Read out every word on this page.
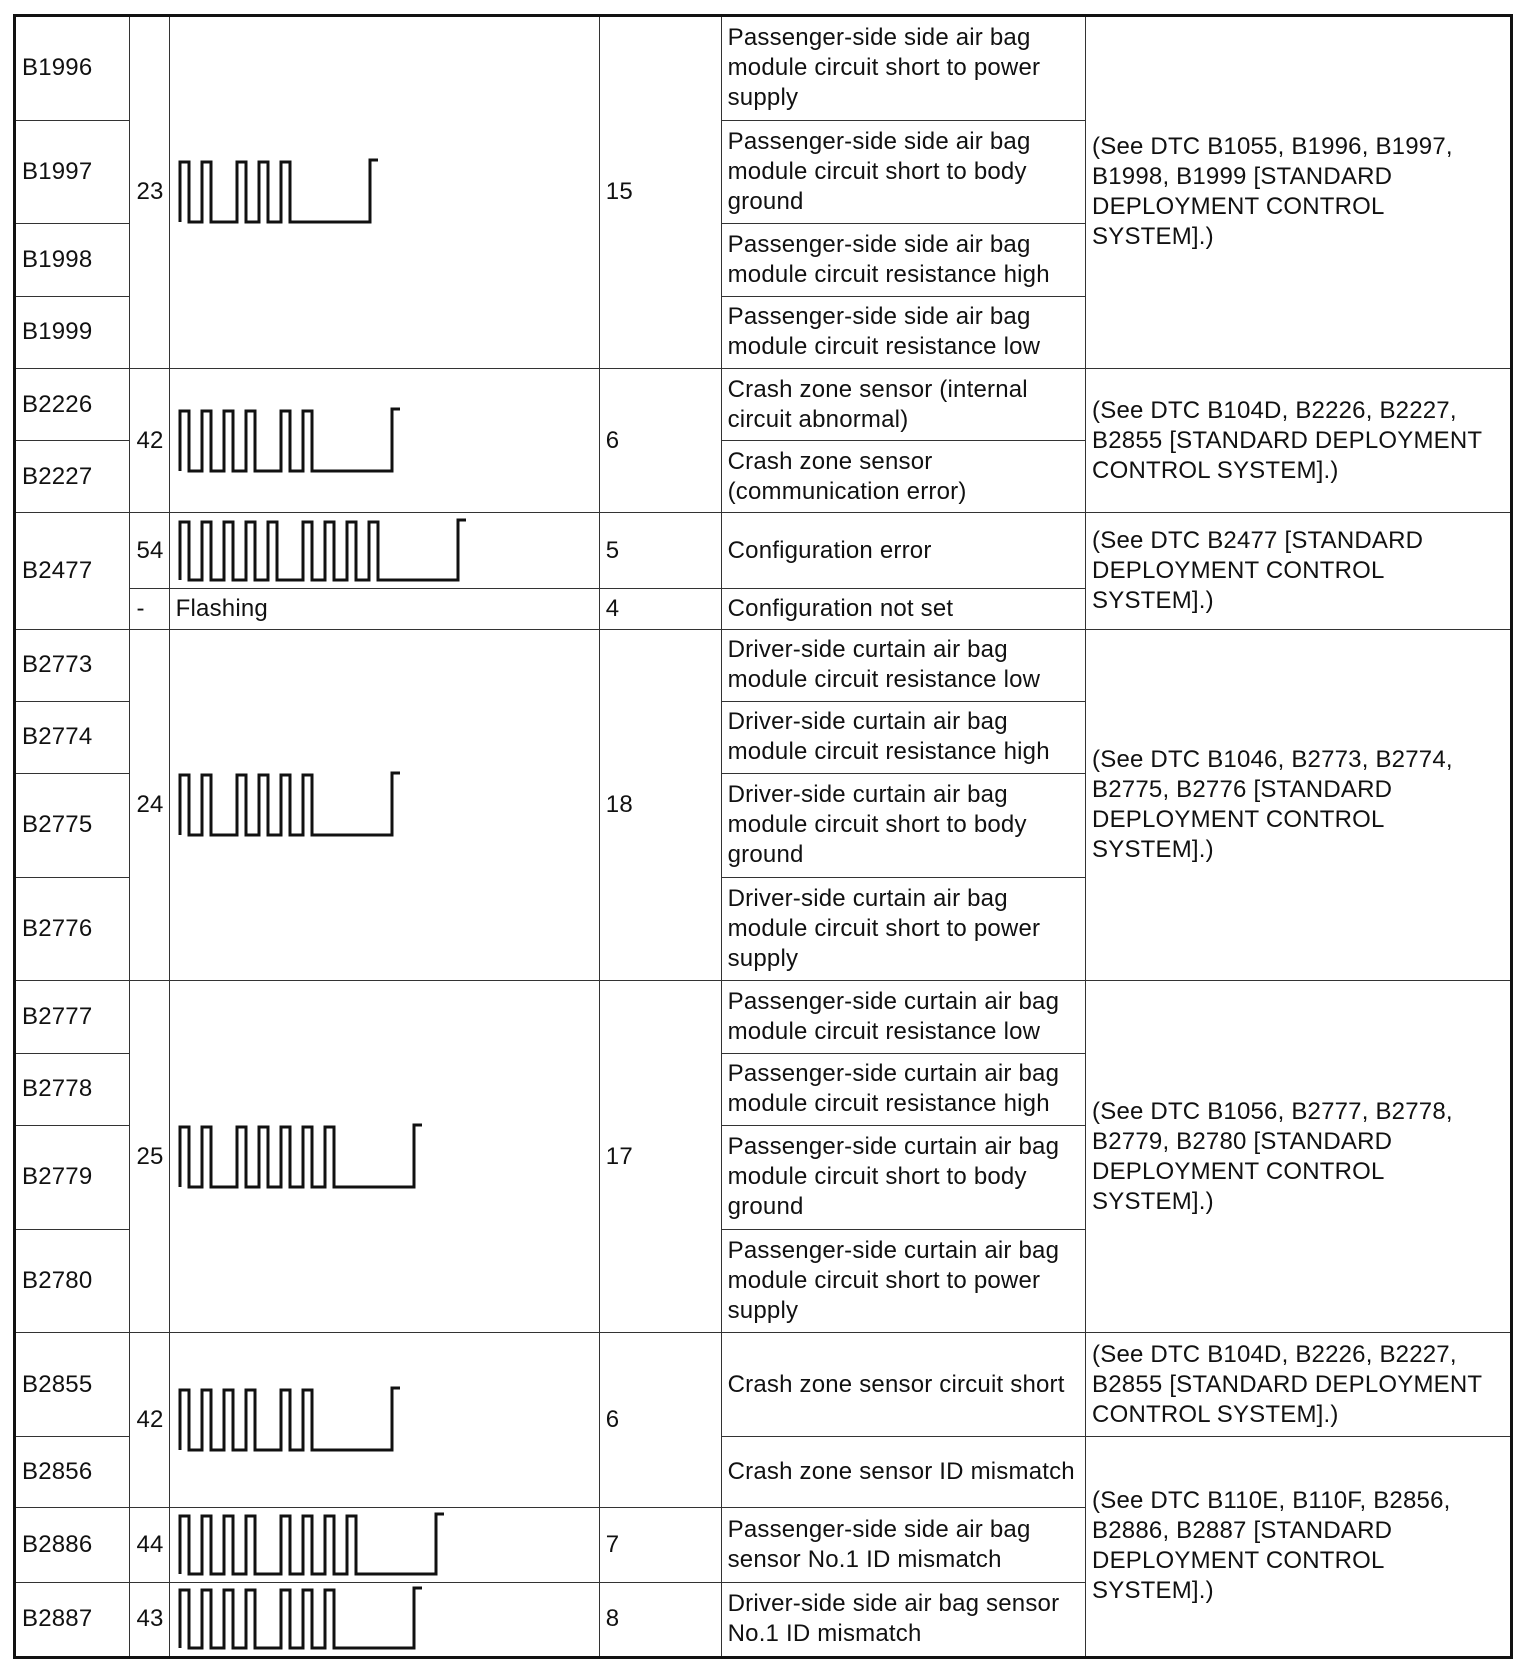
B1996	23		15	Passenger-side side air bag module circuit short to power supply	(See DTC B1055, B1996, B1997, B1998, B1999 [STANDARD DEPLOYMENT CONTROL SYSTEM].)
B1997				Passenger-side side air bag module circuit short to body ground	
B1998				Passenger-side side air bag module circuit resistance high	
B1999				Passenger-side side air bag module circuit resistance low	
B2226	42		6	Crash zone sensor (internal circuit abnormal)	(See DTC B104D, B2226, B2227, B2855 [STANDARD DEPLOYMENT CONTROL SYSTEM].)
B2227				Crash zone sensor (communication error)	
B2477	54		5	Configuration error	(See DTC B2477 [STANDARD DEPLOYMENT CONTROL SYSTEM].)
	-	Flashing	4	Configuration not set	
B2773	24		18	Driver-side curtain air bag module circuit resistance low	(See DTC B1046, B2773, B2774, B2775, B2776 [STANDARD DEPLOYMENT CONTROL SYSTEM].)
B2774				Driver-side curtain air bag module circuit resistance high	
B2775				Driver-side curtain air bag module circuit short to body ground	
B2776				Driver-side curtain air bag module circuit short to power supply	
B2777	25		17	Passenger-side curtain air bag module circuit resistance low	(See DTC B1056, B2777, B2778, B2779, B2780 [STANDARD DEPLOYMENT CONTROL SYSTEM].)
B2778				Passenger-side curtain air bag module circuit resistance high	
B2779				Passenger-side curtain air bag module circuit short to body ground	
B2780				Passenger-side curtain air bag module circuit short to power supply	
B2855	42		6	Crash zone sensor circuit short	(See DTC B104D, B2226, B2227, B2855 [STANDARD DEPLOYMENT CONTROL SYSTEM].)
B2856				Crash zone sensor ID mismatch	(See DTC B110E, B110F, B2856, B2886, B2887 [STANDARD DEPLOYMENT CONTROL SYSTEM].)
B2886	44		7	Passenger-side side air bag sensor No.1 ID mismatch	
B2887	43		8	Driver-side side air bag sensor No.1 ID mismatch	
